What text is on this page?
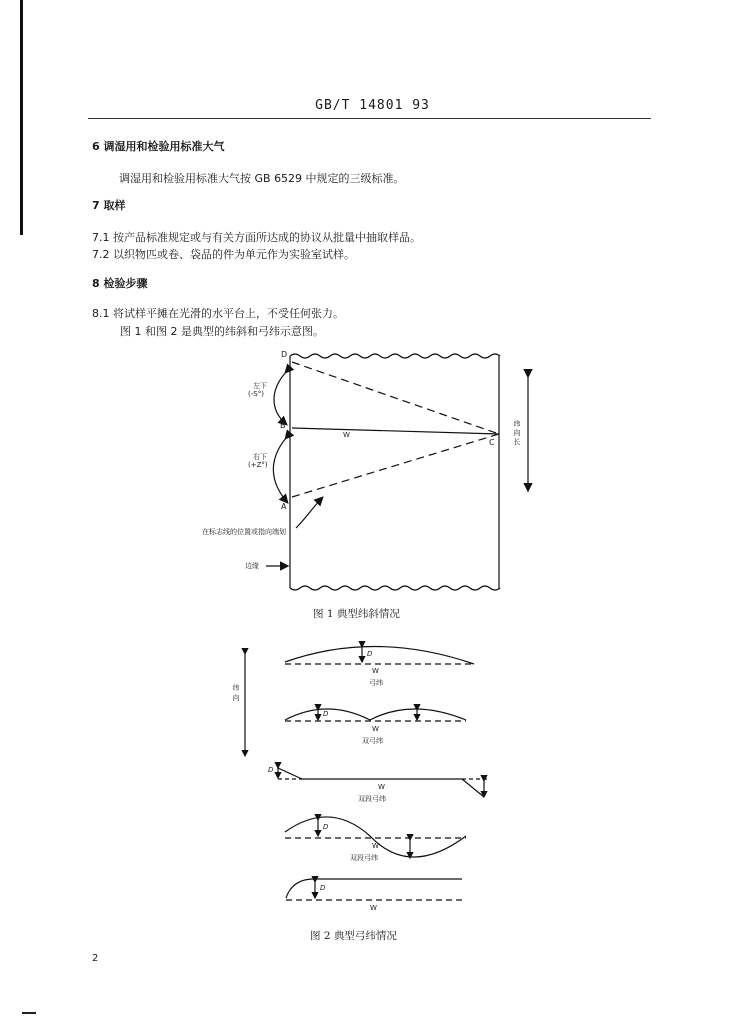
GB/T 14801 93
6 调湿用和检验用标准大气
调湿用和检验用标准大气按 GB 6529 中规定的三级标准。
7 取样
7.1 按产品标准规定或与有关方面所达成的协议从批量中抽取样品。
7.2 以织物匹或卷、袋品的件为单元作为实验室试样。
8 检验步骤
8.1 将试样平摊在光滑的水平台上，不受任何张力。
图 1 和图 2 是典型的纬斜和弓纬示意图。
D
B
A
C
W
左下
(-S°)
右下
(+Z°)
纬向长
在标志线的位置或指向端划
边缘
图 1 典型纬斜情况
纬向
D
W
弓纬
D
W
双弓纬
D
W
双段弓纬
D
W
双段弓纬
D
W
图 2 典型弓纬情况
2
